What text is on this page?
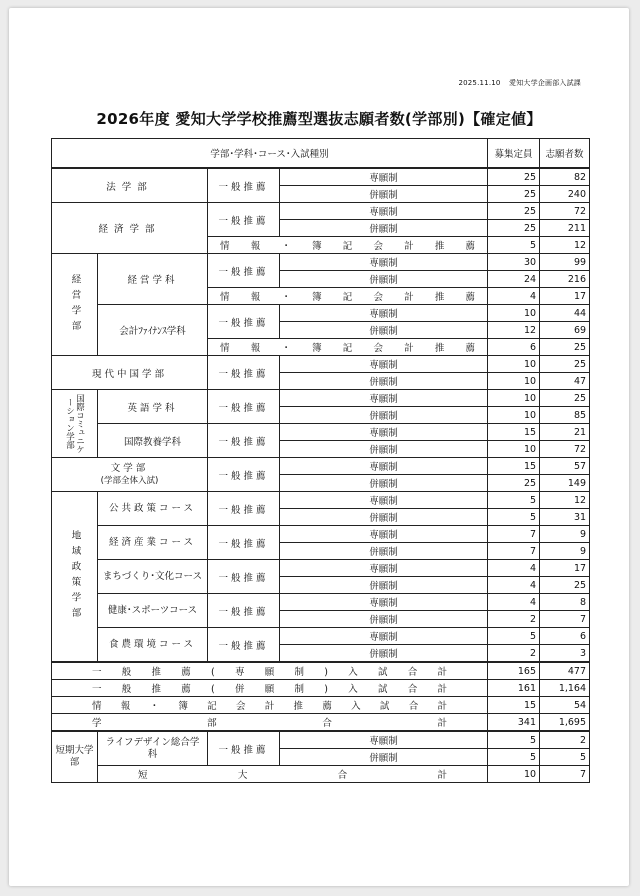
2025.11.10 愛知大学企画部入試課
2026年度 愛知大学学校推薦型選抜志願者数(学部別)【確定値】
学部･学科･コース･入試種別				募集定員	志願者数
法学部		一般推薦	専願制	25	82
			併願制	25	240
経済学部		一般推薦	専願制	25	72
			併願制	25	211
		情報・簿記会計推薦		5	12
経営学部	経営学科	一般推薦	専願制	30	99
			併願制	24	216
		情報・簿記会計推薦		4	17
	会計ﾌｧｲﾅﾝｽ学科	一般推薦	専願制	10	44
			併願制	12	69
		情報・簿記会計推薦		6	25
現代中国学部		一般推薦	専願制	10	25
			併願制	10	47
国際コミュニケーション学部	英語学科	一般推薦	専願制	10	25
			併願制	10	85
	国際教養学科	一般推薦	専願制	15	21
			併願制	10	72
文学部
(学部全体入試)		一般推薦	専願制	15	57
			併願制	25	149
地域政策学部	公共政策コース	一般推薦	専願制	5	12
			併願制	5	31
	経済産業コース	一般推薦	専願制	7	9
			併願制	7	9
	まちづくり･文化コース	一般推薦	専願制	4	17
			併願制	4	25
	健康･スポーツコース	一般推薦	専願制	4	8
			併願制	2	7
	食農環境コース	一般推薦	専願制	5	6
			併願制	2	3
一般推薦(専願制)入試合計				165	477
一般推薦(併願制)入試合計				161	1,164
情報・簿記会計推薦入試合計				15	54
学部合計				341	1,695
短期大学部	ライフデザイン総合学科	一般推薦	専願制	5	2
			併願制	5	5
	短大合計			10	7
